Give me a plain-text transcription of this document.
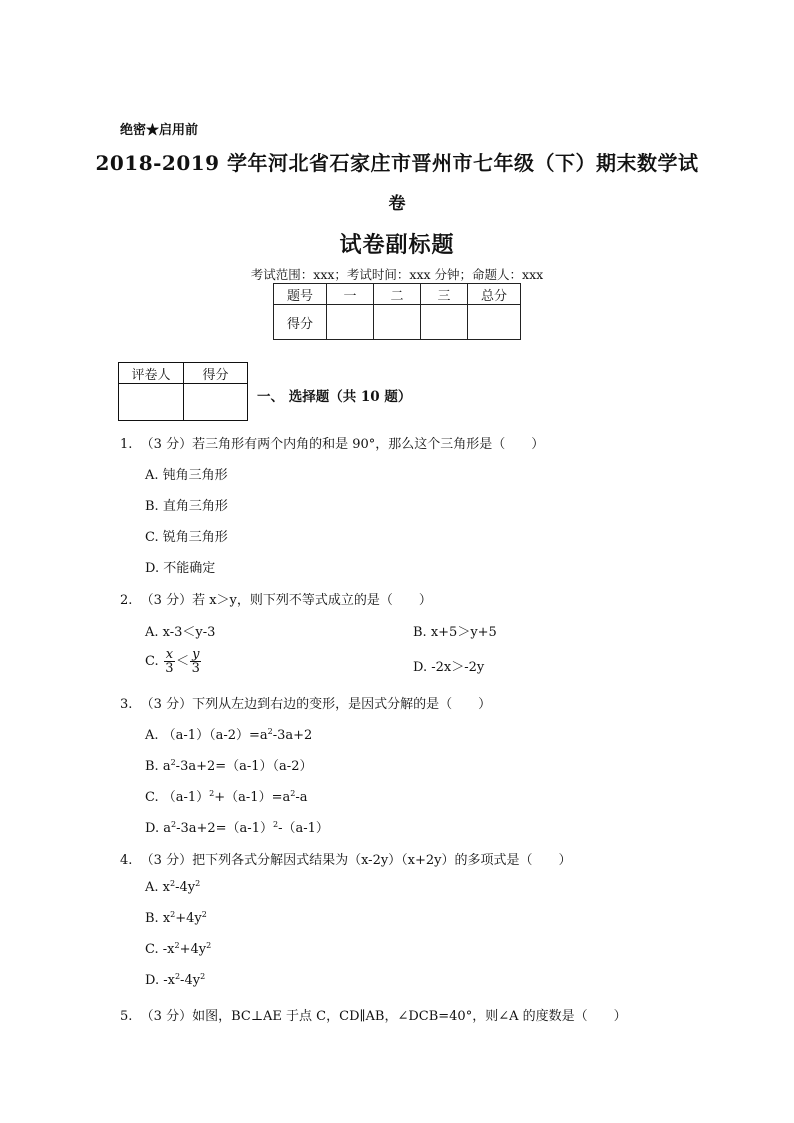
绝密★启用前
2018-2019 学年河北省石家庄市晋州市七年级（下）期末数学试
卷
试卷副标题
考试范围：xxx；考试时间：xxx 分钟；命题人：xxx
题号	一	二	三	总分
得分				
评卷人	得分

一、 选择题（共 10 题）
1. （3 分）若三角形有两个内角的和是 90°，那么这个三角形是（　　）
A. 钝角三角形
B. 直角三角形
C. 锐角三角形
D. 不能确定
2. （3 分）若 x＞y，则下列不等式成立的是（　　）
A. x-3＜y-3	B. x+5＞y+5
C. $\frac{x}{3} < \frac{y}{3}$	D. -2x＞-2y
3. （3 分）下列从左边到右边的变形，是因式分解的是（　　）
A. $(a-1)(a-2)=a^2-3a+2$
B. $a^2-3a+2=(a-1)(a-2)$
C. $(a-1)^2+(a-1)=a^2-a$
D. $a^2-3a+2=(a-1)^2-(a-1)$
4. （3 分）把下列各式分解因式结果为（x-2y）（x+2y）的多项式是（　　）
A. $x^2-4y^2$
B. $x^2+4y^2$
C. $-x^2+4y^2$
D. $-x^2-4y^2$
5. （3 分）如图，BC⊥AE 于点 C，CD∥AB，∠DCB=40°，则∠A 的度数是（　　）
